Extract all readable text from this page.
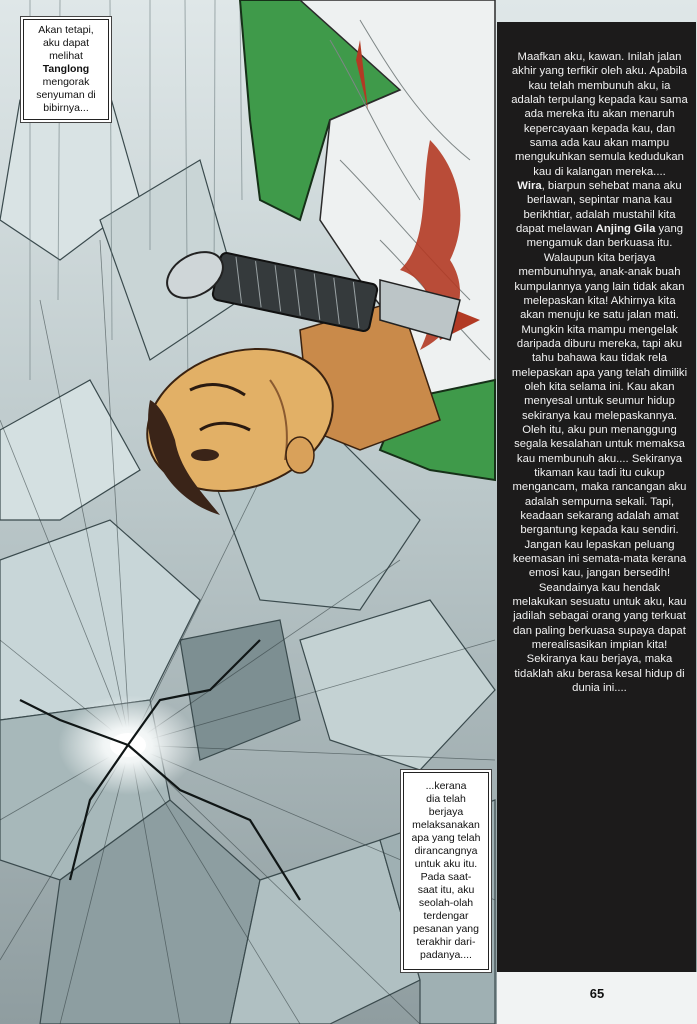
Akan tetapi,
aku dapat
melihat
Tanglong
mengorak
senyuman di
bibirnya...
...kerana
dia telah
berjaya
melaksanakan
apa yang telah
dirancangnya
untuk aku itu.
Pada saat-
saat itu, aku
seolah-olah
terdengar
pesanan yang
terakhir dari-
padanya....

Maafkan aku, kawan. Inilah jalan akhir yang terfikir oleh aku. Apabila kau telah membunuh aku, ia adalah terpulang kepada kau sama ada mereka itu akan menaruh kepercayaan kepada kau, dan sama ada kau akan mampu mengukuhkan semula kedudukan kau di kalangan mereka....
Wira, biarpun sehebat mana aku berlawan, sepintar mana kau berikhtiar, adalah mustahil kita dapat melawan Anjing Gila yang mengamuk dan berkuasa itu. Walaupun kita berjaya membunuhnya, anak-anak buah kumpulannya yang lain tidak akan melepaskan kita! Akhirnya kita akan menuju ke satu jalan mati. Mungkin kita mampu mengelak daripada diburu mereka, tapi aku tahu bahawa kau tidak rela melepaskan apa yang telah dimiliki oleh kita selama ini. Kau akan menyesal untuk seumur hidup sekiranya kau melepaskannya. Oleh itu, aku pun menanggung segala kesalahan untuk memaksa kau membunuh aku.... Sekiranya tikaman kau tadi itu cukup mengancam, maka rancangan aku adalah sempurna sekali. Tapi, keadaan sekarang adalah amat bergantung kepada kau sendiri. Jangan kau lepaskan peluang keemasan ini semata-mata kerana emosi kau, jangan bersedih! Seandainya kau hendak melakukan sesuatu untuk aku, kau jadilah sebagai orang yang terkuat dan paling berkuasa supaya dapat merealisasikan impian kita! Sekiranya kau berjaya, maka tidaklah aku berasa kesal hidup di dunia ini....

65
